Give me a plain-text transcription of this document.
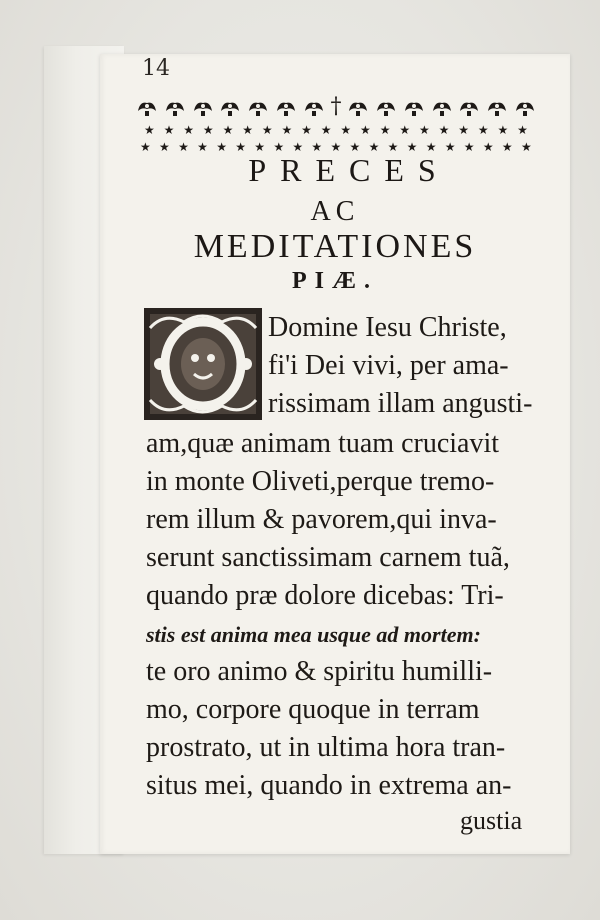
14
†
★ ★ ★ ★ ★ ★ ★ ★ ★ ★ ★ ★ ★ ★ ★ ★ ★ ★ ★ ★
★ ★ ★ ★ ★ ★ ★ ★ ★ ★ ★ ★ ★ ★ ★ ★ ★ ★ ★ ★ ★
PRECES
AC
MEDITATIONES
PIÆ.
Domine Iesu Christe,
fi'i Dei vivi, per ama-
rissimam illam angusti-
am,quæ animam tuam cruciavit
in monte Oliveti,perque tremo-
rem illum & pavorem,qui inva-
serunt sanctissimam carnem tuã,
quando præ dolore dicebas: Tri-
stis est anima mea usque ad mortem:
te oro animo & spiritu humilli-
mo, corpore quoque in terram
prostrato, ut in ultima hora tran-
situs mei, quando in extrema an-
gustia
